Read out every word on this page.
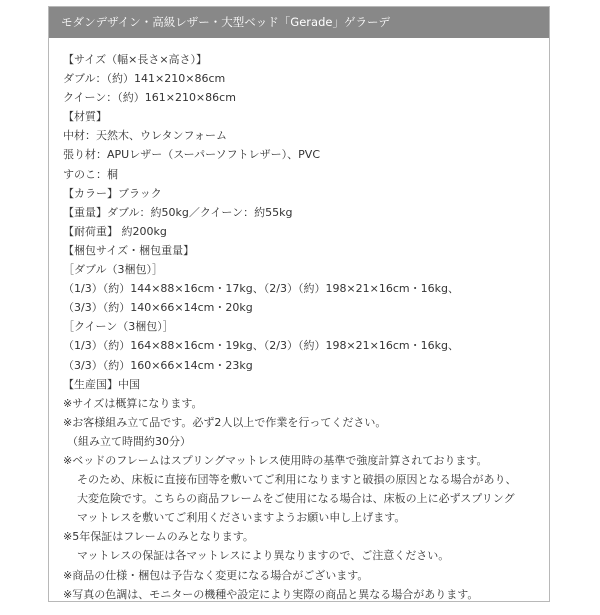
モダンデザイン・高級レザー・大型ベッド「Gerade」ゲラーデ
【サイズ（幅×長さ×高さ）】
ダブル：（約）141×210×86cm
クイーン：（約）161×210×86cm
【材質】
中材：天然木、ウレタンフォーム
張り材：APUレザー（スーパーソフトレザー）、PVC
すのこ：桐
【カラー】ブラック
【重量】ダブル：約50kg／クイーン：約55kg
【耐荷重】 約200kg
【梱包サイズ・梱包重量】
［ダブル（3梱包）］
（1/3）（約）144×88×16cm・17kg、（2/3）（約）198×21×16cm・16kg、
（3/3）（約）140×66×14cm・20kg
［クイーン（3梱包）］
（1/3）（約）164×88×16cm・19kg、（2/3）（約）198×21×16cm・16kg、
（3/3）（約）160×66×14cm・23kg
【生産国】中国
※サイズは概算になります。
※お客様組み立て品です。必ず2人以上で作業を行ってください。
（組み立て時間約30分）
※ベッドのフレームはスプリングマットレス使用時の基準で強度計算されております。
そのため、床板に直接布団等を敷いてご利用になりますと破損の原因となる場合があり、
大変危険です。こちらの商品フレームをご使用になる場合は、床板の上に必ずスプリング
マットレスを敷いてご利用くださいますようお願い申し上げます。
※5年保証はフレームのみとなります。
マットレスの保証は各マットレスにより異なりますので、ご注意ください。
※商品の仕様・梱包は予告なく変更になる場合がございます。
※写真の色調は、モニターの機種や設定により実際の商品と異なる場合があります。
